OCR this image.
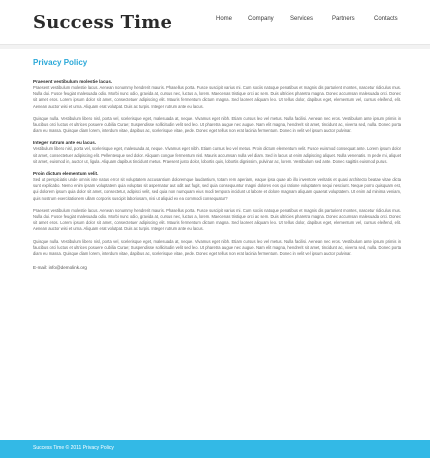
Success Time	Home	Company	Services	Partners	Contacts
Privacy Policy
Praesent vestibulum molestie lacus.

Praesent vestibulum molestie lacus. Aenean nonummy hendrerit mauris. Phasellus porta. Fusce suscipit varius mi. Cum sociis natoque penatibus et magnis dis parturient montes, nascetur ridiculus mus. Nulla dui. Fusce feugiat malesuada odio. Morbi nunc odio, gravida at, cursus nec, luctus a, lorem. Maecenas tristique orci ac sem. Duis ultricies pharetra magna. Donec accumsan malesuada orci. Donec sit amet eros. Lorem ipsum dolor sit amet, consectetuer adipiscing elit. Mauris fermentum dictum magna. Sed laoreet aliquam leo. Ut tellus dolor, dapibus eget, elementum vel, cursus eleifend, elit. Aenean auctor wisi et urna. Aliquam erat volutpat. Duis ac turpis. Integer rutrum ante eu lacus.

Quisque nulla. Vestibulum libero nisl, porta vel, scelerisque eget, malesuada at, neque. Vivamus eget nibh. Etiam cursus leo vel metus. Nulla facilisi. Aenean nec eros. Vestibulum ante ipsum primis in faucibus orci luctus et ultrices posuere cubilia Curae; Suspendisse sollicitudin velit sed leo. Ut pharetra augue nec augue. Nam elit magna, hendrerit sit amet, tincidunt ac, viverra sed, nulla. Donec porta diam eu massa. Quisque diam lorem, interdum vitae, dapibus ac, scelerisque vitae, pede. Donec eget tellus non erat lacinia fermentum. Donec in velit vel ipsum auctor pulvinar.

Integer rutrum ante eu lacus.

Vestibulum libero nisl, porta vel, scelerisque eget, malesuada at, neque. Vivamus eget nibh. Etiam cursus leo vel metus. Proin dictum elementum velit. Fusce euismod consequat ante. Lorem ipsum dolor sit amet, consectetuer adipiscing elit. Pellentesque sed dolor. Aliquam congue fermentum nisl. Mauris accumsan nulla vel diam. Sed in lacus ut enim adipiscing aliquet. Nulla venenatis. In pede mi, aliquet sit amet, euismod in, auctor ut, ligula. Aliquam dapibus tincidunt metus. Praesent justo dolor, lobortis quis, lobortis dignissim, pulvinar ac, lorem. Vestibulum sed ante. Donec sagittis euismod purus.

Proin dictum elementum velit.

Sed ut perspiciatis unde omnis iste natus error sit voluptatem accusantium doloremque laudantium, totam rem aperiam, eaque ipsa quae ab illo inventore veritatis et quasi architecto beatae vitae dicta sunt explicabo. Nemo enim ipsam voluptatem quia voluptas sit aspernatur aut odit aut fugit, sed quia consequuntur magni dolores eos qui ratione voluptatem sequi nesciunt. Neque porro quisquam est, qui dolorem ipsum quia dolor sit amet, consectetur, adipisci velit, sed quia non numquam eius modi tempora incidunt ut labore et dolore magnam aliquam quaerat voluptatem. Ut enim ad minima veniam, quis nostrum exercitationem ullam corporis suscipit laboriosam, nisi ut aliquid ex ea commodi consequatur?

Praesent vestibulum molestie lacus. Aenean nonummy hendrerit mauris. Phasellus porta. Fusce suscipit varius mi. Cum sociis natoque penatibus et magnis dis parturient montes, nascetur ridiculus mus. Nulla dui. Fusce feugiat malesuada odio. Morbi nunc odio, gravida at, cursus nec, luctus a, lorem. Maecenas tristique orci ac sem. Duis ultricies pharetra magna. Donec accumsan malesuada orci. Donec sit amet eros. Lorem ipsum dolor sit amet, consectetuer adipiscing elit. Mauris fermentum dictum magna. Sed laoreet aliquam leo. Ut tellus dolor, dapibus eget, elementum vel, cursus eleifend, elit. Aenean auctor wisi et urna. Aliquam erat volutpat. Duis ac turpis. Integer rutrum ante eu lacus.

Quisque nulla. Vestibulum libero nisl, porta vel, scelerisque eget, malesuada at, neque. Vivamus eget nibh. Etiam cursus leo vel metus. Nulla facilisi. Aenean nec eros. Vestibulum ante ipsum primis in faucibus orci luctus et ultrices posuere cubilia Curae; Suspendisse sollicitudin velit sed leo. Ut pharetra augue nec augue. Nam elit magna, hendrerit sit amet, tincidunt ac, viverra sed, nulla. Donec porta diam eu massa. Quisque diam lorem, interdum vitae, dapibus ac, scelerisque vitae, pede. Donec eget tellus non erat lacinia fermentum. Donec in velit vel ipsum auctor pulvinar.

E-mail: info@demolink.org
Success Time © 2011 Privacy Policy
